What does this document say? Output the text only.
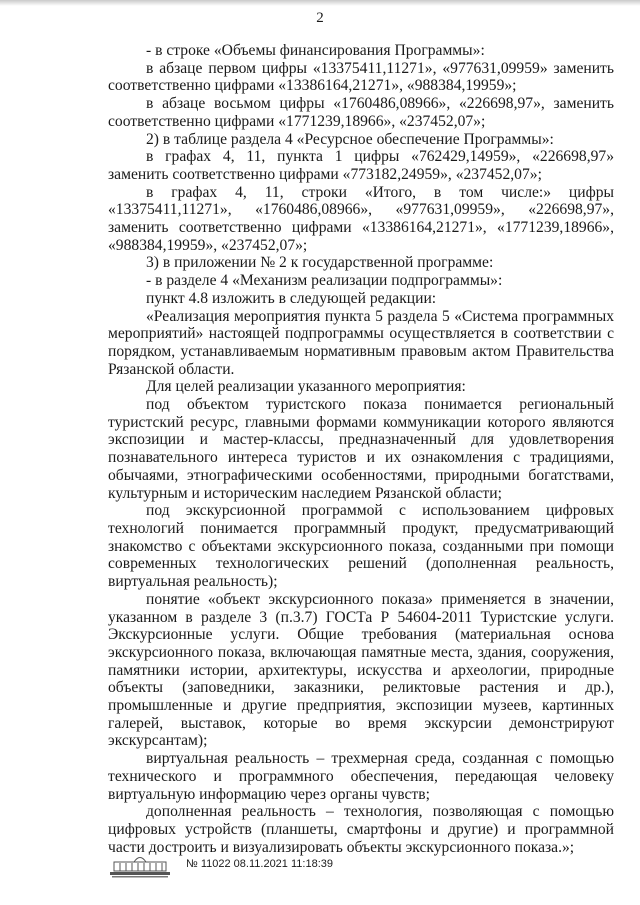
2

- в строке «Объемы финансирования Программы»:

в абзаце первом цифры «13375411,11271», «977631,09959» заменить соответственно цифрами «13386164,21271», «988384,19959»;

в абзаце восьмом цифры «1760486,08966», «226698,97», заменить соответственно цифрами «1771239,18966», «237452,07»;

2) в таблице раздела 4 «Ресурсное обеспечение Программы»:

в графах 4, 11, пункта 1 цифры «762429,14959», «226698,97» заменить соответственно цифрами «773182,24959», «237452,07»;

в графах 4, 11, строки «Итого, в том числе:» цифры «13375411,11271», «1760486,08966», «977631,09959», «226698,97», заменить соответственно цифрами «13386164,21271», «1771239,18966», «988384,19959», «237452,07»;

3) в приложении № 2 к государственной программе:

- в разделе 4 «Механизм реализации подпрограммы»:

пункт 4.8 изложить в следующей редакции:

«Реализация мероприятия пункта 5 раздела 5 «Система программных мероприятий» настоящей подпрограммы осуществляется в соответствии с порядком, устанавливаемым нормативным правовым актом Правительства Рязанской области.

Для целей реализации указанного мероприятия:

под объектом туристского показа понимается региональный туристский ресурс, главными формами коммуникации которого являются экспозиции и мастер-классы, предназначенный для удовлетворения познавательного интереса туристов и их ознакомления с традициями, обычаями, этнографическими особенностями, природными богатствами, культурным и историческим наследием Рязанской области;

под экскурсионной программой с использованием цифровых технологий понимается программный продукт, предусматривающий знакомство с объектами экскурсионного показа, созданными при помощи современных технологических решений (дополненная реальность, виртуальная реальность);

понятие «объект экскурсионного показа» применяется в значении, указанном в разделе 3 (п.3.7) ГОСТа Р 54604-2011 Туристские услуги. Экскурсионные услуги. Общие требования (материальная основа экскурсионного показа, включающая памятные места, здания, сооружения, памятники истории, архитектуры, искусства и археологии, природные объекты (заповедники, заказники, реликтовые растения и др.), промышленные и другие предприятия, экспозиции музеев, картинных галерей, выставок, которые во время экскурсии демонстрируют экскурсантам);

виртуальная реальность – трехмерная среда, созданная с помощью технического и программного обеспечения, передающая человеку виртуальную информацию через органы чувств;

дополненная реальность – технология, позволяющая с помощью цифровых устройств (планшеты, смартфоны и другие) и программной части достроить и визуализировать объекты экскурсионного показа.»;

№ 11022 08.11.2021 11:18:39
